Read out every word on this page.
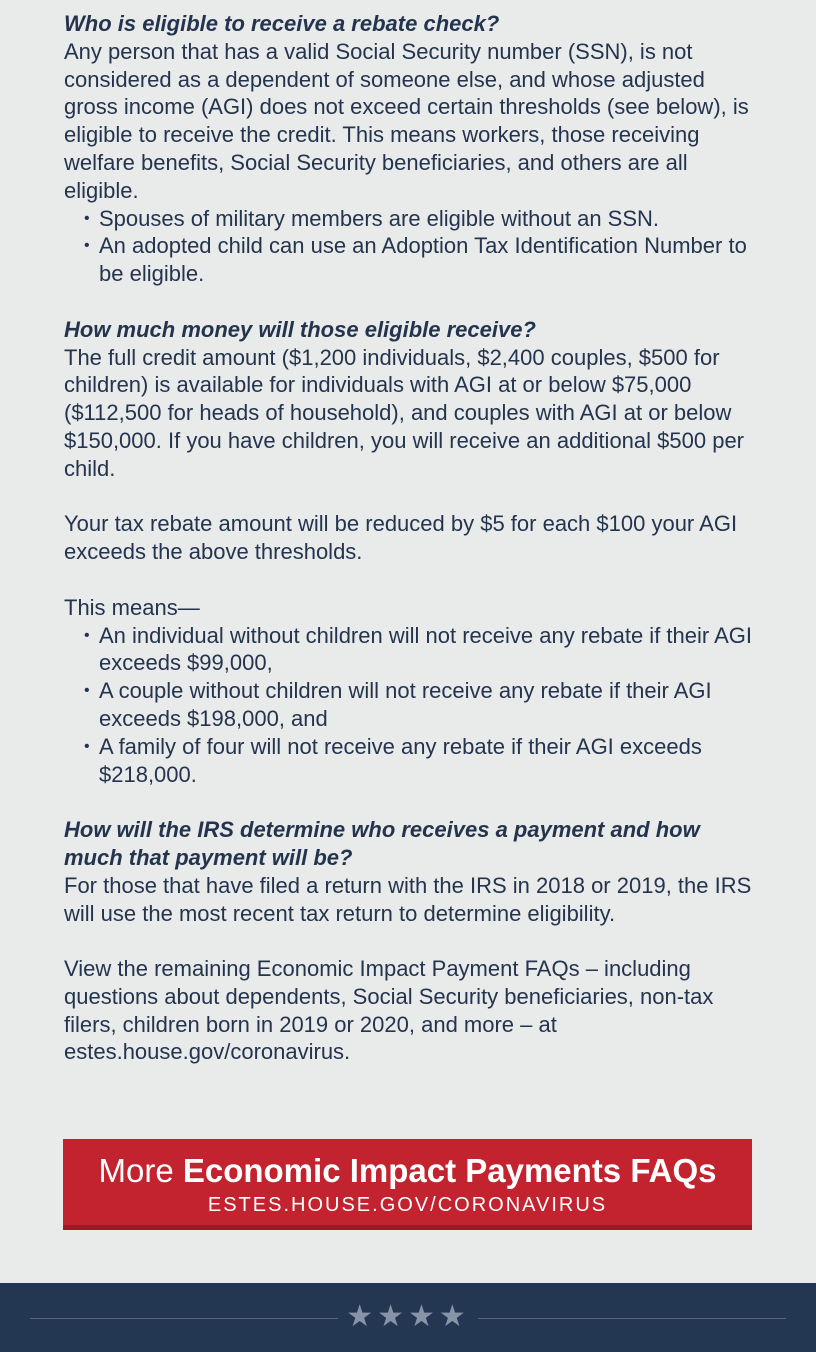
Who is eligible to receive a rebate check?

Any person that has a valid Social Security number (SSN), is not considered as a dependent of someone else, and whose adjusted gross income (AGI) does not exceed certain thresholds (see below), is eligible to receive the credit. This means workers, those receiving welfare benefits, Social Security beneficiaries, and others are all eligible.

• Spouses of military members are eligible without an SSN.
• An adopted child can use an Adoption Tax Identification Number to be eligible.

How much money will those eligible receive?

The full credit amount ($1,200 individuals, $2,400 couples, $500 for children) is available for individuals with AGI at or below $75,000 ($112,500 for heads of household), and couples with AGI at or below $150,000. If you have children, you will receive an additional $500 per child.

Your tax rebate amount will be reduced by $5 for each $100 your AGI exceeds the above thresholds.

This means—

• An individual without children will not receive any rebate if their AGI exceeds $99,000,
• A couple without children will not receive any rebate if their AGI exceeds $198,000, and
• A family of four will not receive any rebate if their AGI exceeds $218,000.

How will the IRS determine who receives a payment and how much that payment will be?

For those that have filed a return with the IRS in 2018 or 2019, the IRS will use the most recent tax return to determine eligibility.

View the remaining Economic Impact Payment FAQs – including questions about dependents, Social Security beneficiaries, non-tax filers, children born in 2019 or 2020, and more – at estes.house.gov/coronavirus.

More Economic Impact Payments FAQs
ESTES.HOUSE.GOV/CORONAVIRUS
★★★★
